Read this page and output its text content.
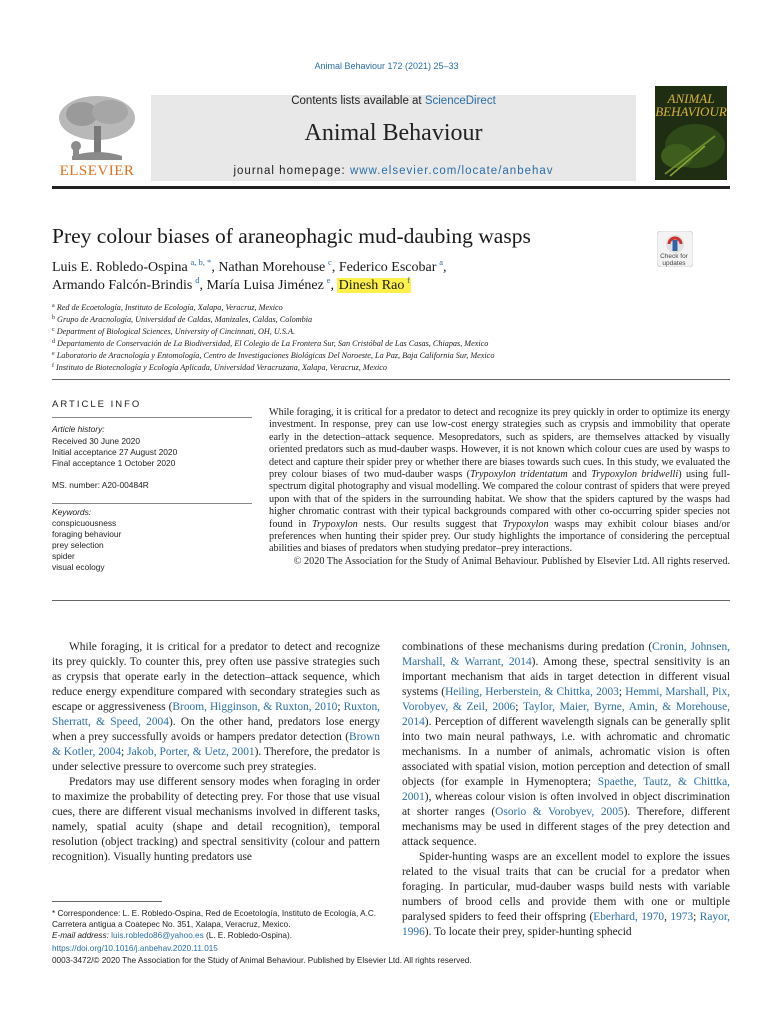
Animal Behaviour 172 (2021) 25–33
ELSEVIER
Contents lists available at ScienceDirect
Animal Behaviour
journal homepage: www.elsevier.com/locate/anbehav
ANIMAL BEHAVIOUR
Prey colour biases of araneophagic mud-daubing wasps
Check for updates
Luis E. Robledo-Ospina  $^{a, b, *}$, Nathan Morehouse  $^c$, Federico Escobar  $^a$,
Armando Falcón-Brindis  $^d$, María Luisa Jiménez  $^e$,  Dinesh Rao  $^f$ 
$^a$ Red de Ecoetología, Instituto de Ecología, Xalapa, Veracruz, Mexico
$^b$ Grupo de Aracnología, Universidad de Caldas, Manizales, Caldas, Colombia
$^c$ Department of Biological Sciences, University of Cincinnati, OH, U.S.A.
$^d$ Departamento de Conservación de La Biodiversidad, El Colegio de La Frontera Sur, San Cristóbal de Las Casas, Chiapas, Mexico
$^e$ Laboratorio de Aracnología y Entomología, Centro de Investigaciones Biológicas Del Noroeste, La Paz, Baja California Sur, Mexico
$^f$ Instituto de Biotecnología y Ecología Aplicada, Universidad Veracruzana, Xalapa, Veracruz, Mexico
ARTICLE INFO
Article history:
Received 30 June 2020
Initial acceptance 27 August 2020
Final acceptance 1 October 2020
MS. number: A20-00484R
Keywords:
conspicuousness
foraging behaviour
prey selection
spider
visual ecology
While foraging, it is critical for a predator to detect and recognize its prey quickly in order to optimize its energy investment. In response, prey can use low-cost energy strategies such as crypsis and immobility that operate early in the detection–attack sequence. Mesopredators, such as spiders, are themselves attacked by visually oriented predators such as mud-dauber wasps. However, it is not known which colour cues are used by wasps to detect and capture their spider prey or whether there are biases towards such cues. In this study, we evaluated the prey colour biases of two mud-dauber wasps (Trypoxylon tridentatum and Trypoxylon bridwelli) using full-spectrum digital photography and visual modelling. We compared the colour contrast of spiders that were preyed upon with that of the spiders in the surrounding habitat. We show that the spiders captured by the wasps had higher chromatic contrast with their typical backgrounds compared with other co-occurring spider species not found in Trypoxylon nests. Our results suggest that Trypoxylon wasps may exhibit colour biases and/or preferences when hunting their spider prey. Our study highlights the importance of considering the perceptual abilities and biases of predators when studying predator–prey interactions.
© 2020 The Association for the Study of Animal Behaviour. Published by Elsevier Ltd. All rights reserved.

While foraging, it is critical for a predator to detect and recognize its prey quickly. To counter this, prey often use passive strategies such as crypsis that operate early in the detection–attack sequence, which reduce energy expenditure compared with secondary strategies such as escape or aggressiveness (Broom, Higginson, & Ruxton, 2010; Ruxton, Sherratt, & Speed, 2004). On the other hand, predators lose energy when a prey successfully avoids or hampers predator detection (Brown & Kotler, 2004; Jakob, Porter, & Uetz, 2001). Therefore, the predator is under selective pressure to overcome such prey strategies.

Predators may use different sensory modes when foraging in order to maximize the probability of detecting prey. For those that use visual cues, there are different visual mechanisms involved in different tasks, namely, spatial acuity (shape and detail recognition), temporal resolution (object tracking) and spectral sensitivity (colour and pattern recognition). Visually hunting predators use

combinations of these mechanisms during predation (Cronin, Johnsen, Marshall, & Warrant, 2014). Among these, spectral sensitivity is an important mechanism that aids in target detection in different visual systems (Heiling, Herberstein, & Chittka, 2003; Hemmi, Marshall, Pix, Vorobyev, & Zeil, 2006; Taylor, Maier, Byrne, Amin, & Morehouse, 2014). Perception of different wavelength signals can be generally split into two main neural pathways, i.e. with achromatic and chromatic mechanisms. In a number of animals, achromatic vision is often associated with spatial vision, motion perception and detection of small objects (for example in Hymenoptera; Spaethe, Tautz, & Chittka, 2001), whereas colour vision is often involved in object discrimination at shorter ranges (Osorio & Vorobyev, 2005). Therefore, different mechanisms may be used in different stages of the prey detection and attack sequence.

Spider-hunting wasps are an excellent model to explore the issues related to the visual traits that can be crucial for a predator when foraging. In particular, mud-dauber wasps build nests with variable numbers of brood cells and provide them with one or multiple paralysed spiders to feed their offspring (Eberhard, 1970, 1973; Rayor, 1996). To locate their prey, spider-hunting sphecid

* Correspondence: L. E. Robledo-Ospina, Red de Ecoetología, Instituto de Ecología, A.C. Carretera antigua a Coatepec No. 351, Xalapa, Veracruz, Mexico.
E-mail address: luis.robledo86@yahoo.es (L. E. Robledo-Ospina).
https://doi.org/10.1016/j.anbehav.2020.11.015
0003-3472/© 2020 The Association for the Study of Animal Behaviour. Published by Elsevier Ltd. All rights reserved.
